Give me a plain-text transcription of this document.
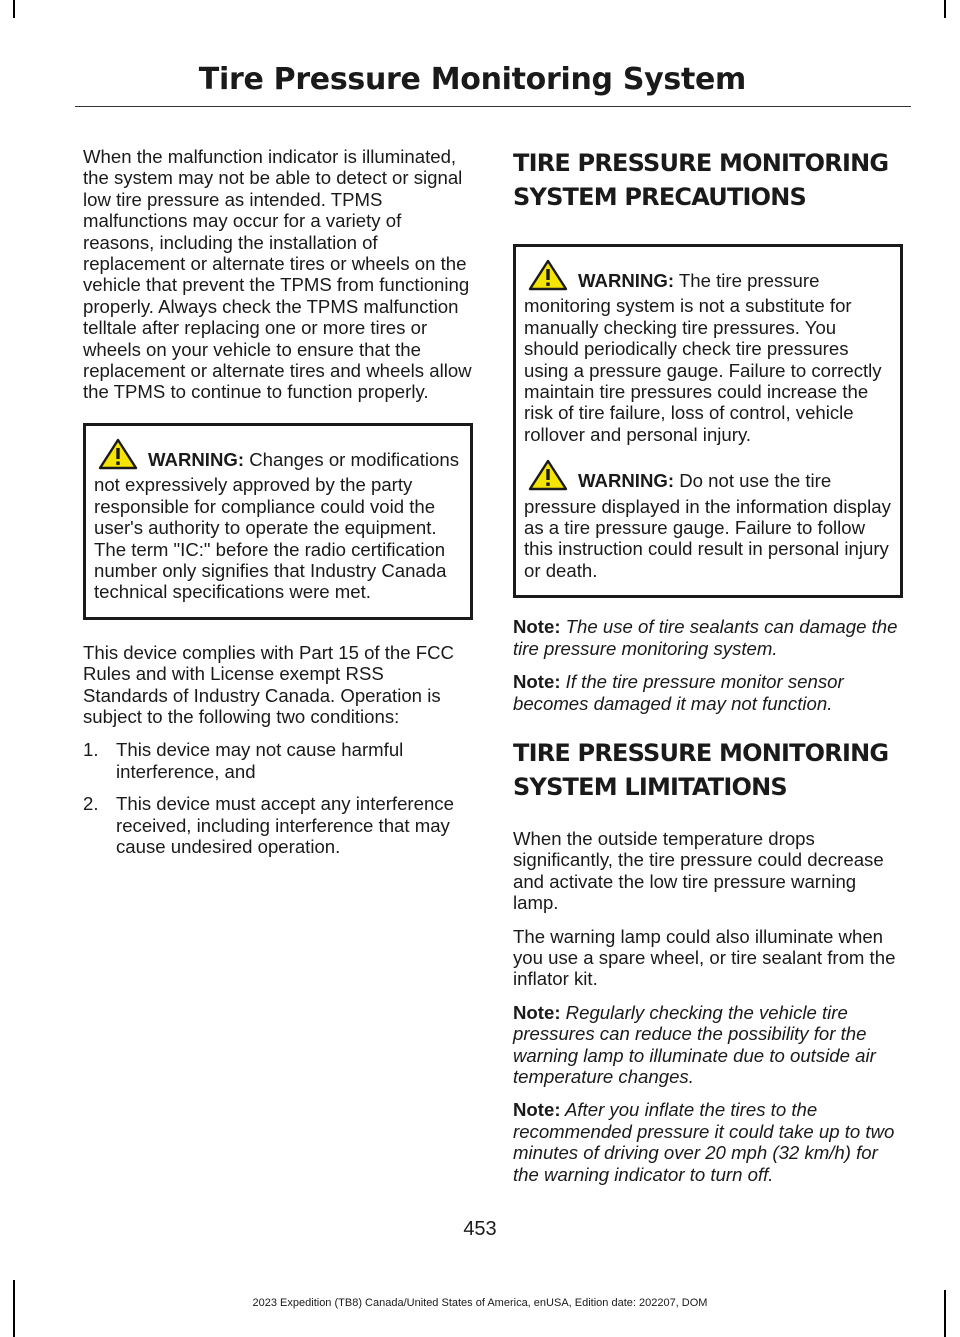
Tire Pressure Monitoring System

When the malfunction indicator is illuminated, the system may not be able to detect or signal low tire pressure as intended. TPMS malfunctions may occur for a variety of reasons, including the installation of replacement or alternate tires or wheels on the vehicle that prevent the TPMS from functioning properly. Always check the TPMS malfunction telltale after replacing one or more tires or wheels on your vehicle to ensure that the replacement or alternate tires and wheels allow the TPMS to continue to function properly.

WARNING: Changes or modifications not expressively approved by the party responsible for compliance could void the user's authority to operate the equipment. The term "IC:" before the radio certification number only signifies that Industry Canada technical specifications were met.

This device complies with Part 15 of the FCC Rules and with License exempt RSS Standards of Industry Canada. Operation is subject to the following two conditions:

1. This device may not cause harmful interference, and
2. This device must accept any interference received, including interference that may cause undesired operation.
TIRE PRESSURE MONITORING
SYSTEM PRECAUTIONS

WARNING: The tire pressure monitoring system is not a substitute for manually checking tire pressures. You should periodically check tire pressures using a pressure gauge. Failure to correctly maintain tire pressures could increase the risk of tire failure, loss of control, vehicle rollover and personal injury.

WARNING: Do not use the tire pressure displayed in the information display as a tire pressure gauge. Failure to follow this instruction could result in personal injury or death.

Note: The use of tire sealants can damage the tire pressure monitoring system.

Note: If the tire pressure monitor sensor becomes damaged it may not function.

TIRE PRESSURE MONITORING
SYSTEM LIMITATIONS

When the outside temperature drops significantly, the tire pressure could decrease and activate the low tire pressure warning lamp.

The warning lamp could also illuminate when you use a spare wheel, or tire sealant from the inflator kit.

Note: Regularly checking the vehicle tire pressures can reduce the possibility for the warning lamp to illuminate due to outside air temperature changes.

Note: After you inflate the tires to the recommended pressure it could take up to two minutes of driving over 20 mph (32 km/h) for the warning indicator to turn off.

453
2023 Expedition (TB8) Canada/United States of America, enUSA, Edition date: 202207, DOM
